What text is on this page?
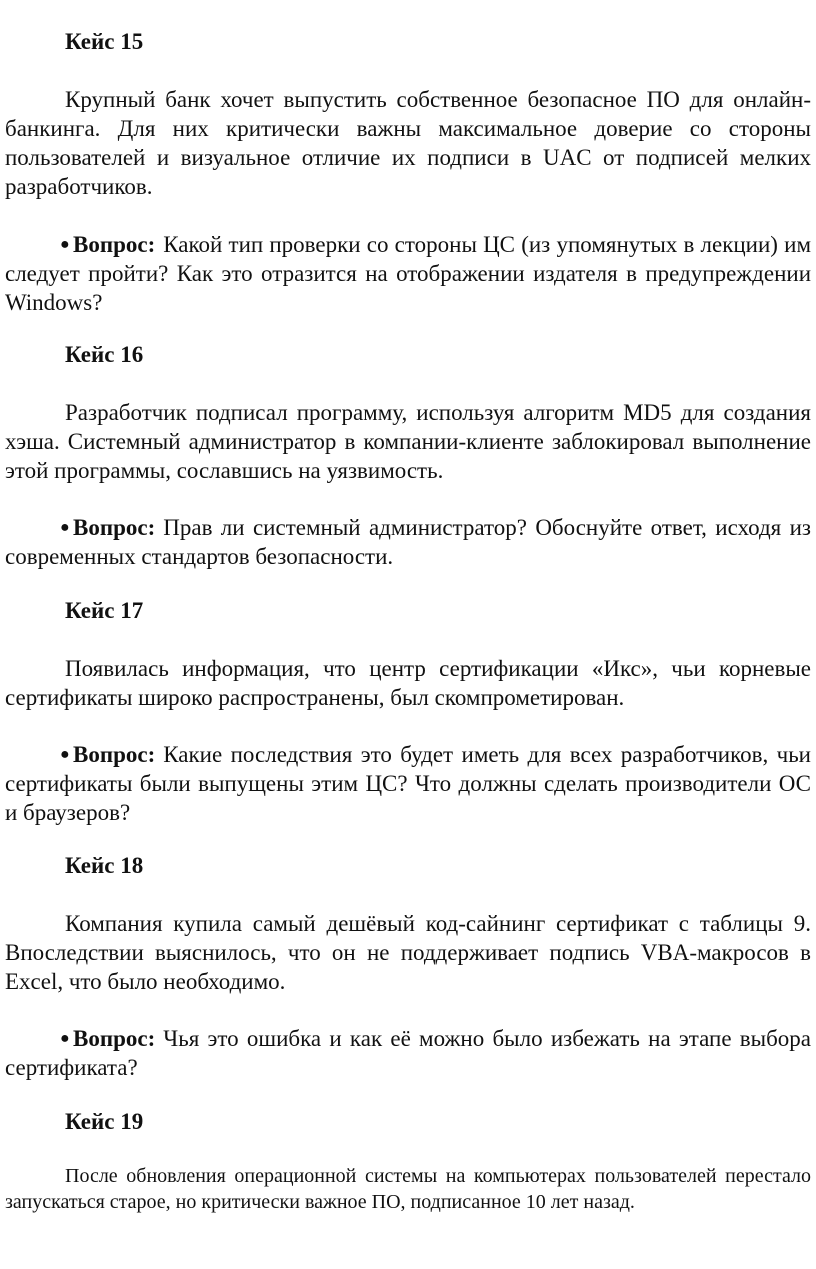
Кейс 15

Крупный банк хочет выпустить собственное безопасное ПО для онлайн-банкинга. Для них критически важны максимальное доверие со стороны пользователей и визуальное отличие их подписи в UAC от подписей мелких разработчиков.

● Вопрос: Какой тип проверки со стороны ЦС (из упомянутых в лекции) им следует пройти? Как это отразится на отображении издателя в предупреждении Windows?

Кейс 16

Разработчик подписал программу, используя алгоритм MD5 для создания хэша. Системный администратор в компании-клиенте заблокировал выполнение этой программы, сославшись на уязвимость.

● Вопрос: Прав ли системный администратор? Обоснуйте ответ, исходя из современных стандартов безопасности.

Кейс 17

Появилась информация, что центр сертификации «Икс», чьи корневые сертификаты широко распространены, был скомпрометирован.

● Вопрос: Какие последствия это будет иметь для всех разработчиков, чьи сертификаты были выпущены этим ЦС? Что должны сделать производители ОС и браузеров?

Кейс 18

Компания купила самый дешёвый код-сайнинг сертификат с таблицы 9. Впоследствии выяснилось, что он не поддерживает подпись VBA-макросов в Excel, что было необходимо.

● Вопрос: Чья это ошибка и как её можно было избежать на этапе выбора сертификата?

Кейс 19

После обновления операционной системы на компьютерах пользователей перестало запускаться старое, но критически важное ПО, подписанное 10 лет назад.
